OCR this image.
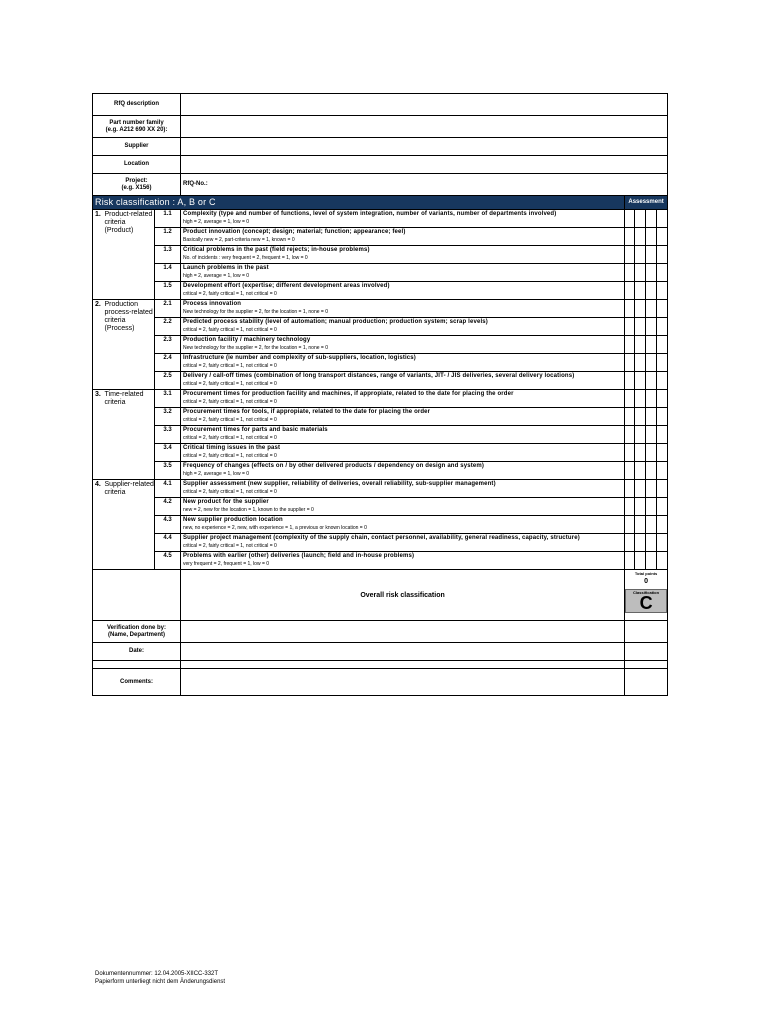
RfQ description							

Part number family
(e.g. A212 690 XX 20):							

Supplier							
Location							

Project:
(e.g. X156)			RfQ-No.:				
Risk classification : A, B or C				Assessment			
1.	Product-related criteria (Product)	1.1	Complexity (type and number of functions, level of system integration, number of variants, number of departments involved)
high = 2, average = 1, low = 0				

		1.2	Product innovation (concept; design; material; function; appearance; feel)
Basically new = 2, part-criteria new = 1, known = 0				

		1.3	Critical problems in the past (field rejects; in-house problems)
No. of incidents : very frequent = 2, frequent = 1, low = 0				

		1.4	Launch problems in the past
high = 2, average = 1, low = 0				

		1.5	Development effort (expertise; different development areas involved)
critical = 2, fairly critical = 1, not critical = 0				

2.	Production process-related criteria (Process)	2.1	Process innovation
New technology for the supplier = 2, for the location = 1, none = 0				

		2.2	Predicted process stability (level of automation; manual production; production system; scrap levels)
critical = 2, fairly critical = 1, not critical = 0				

		2.3	Production facility / machinery technology
New technology for the supplier = 2, for the location = 1, none = 0				

		2.4	Infrastructure (ie number and complexity of sub-suppliers, location, logistics)
critical = 2, fairly critical = 1, not critical = 0				

		2.5	Delivery / call-off times (combination of long transport distances, range of variants, JIT- / JIS deliveries, several delivery locations)
critical = 2, fairly critical = 1, not critical = 0				

3.	Time-related criteria	3.1	Procurement times for production facility and machines, if appropiate, related to the date for placing the order
critical = 2, fairly critical = 1, not critical = 0				

		3.2	Procurement times for tools, if appropiate, related to the date for placing the order
critical = 2, fairly critical = 1, not critical = 0				

		3.3	Procurement times for parts and basic materials
critical = 2, fairly critical = 1, not critical = 0				

		3.4	Critical timing issues in the past
critical = 2, fairly critical = 1, not critical = 0				

		3.5	Frequency of changes (effects on / by other delivered products / dependency on design and system)
high = 2, average = 1, low = 0				

4.	Supplier-related criteria	4.1	Supplier assessment (new supplier, reliability of deliveries, overall reliability, sub-supplier management)
critical = 2, fairly critical = 1, not critical = 0				

		4.2	New product for the supplier
new = 2, new for the location = 1, known to the supplier = 0				

		4.3	New supplier production location
new, no experience = 2, new, with experience = 1, a previous or known location = 0				

		4.4	Supplier project management (complexity of the supply chain, contact personnel, availability, general readiness, capacity, structure)
critical = 2, fairly critical = 1, not critical = 0				

		4.5	Problems with earlier (other) deliveries (launch; field and in-house problems)
very frequent = 2, frequent = 1, low = 0				

			Overall risk classification	Total points
0
Classification
C			

Verification done by:
(Name, Department)							

Date:							

Comments:							
Dokumentennummer: 12.04.2005-XIICC-332T
Papierform unterliegt nicht dem Änderungsdienst
